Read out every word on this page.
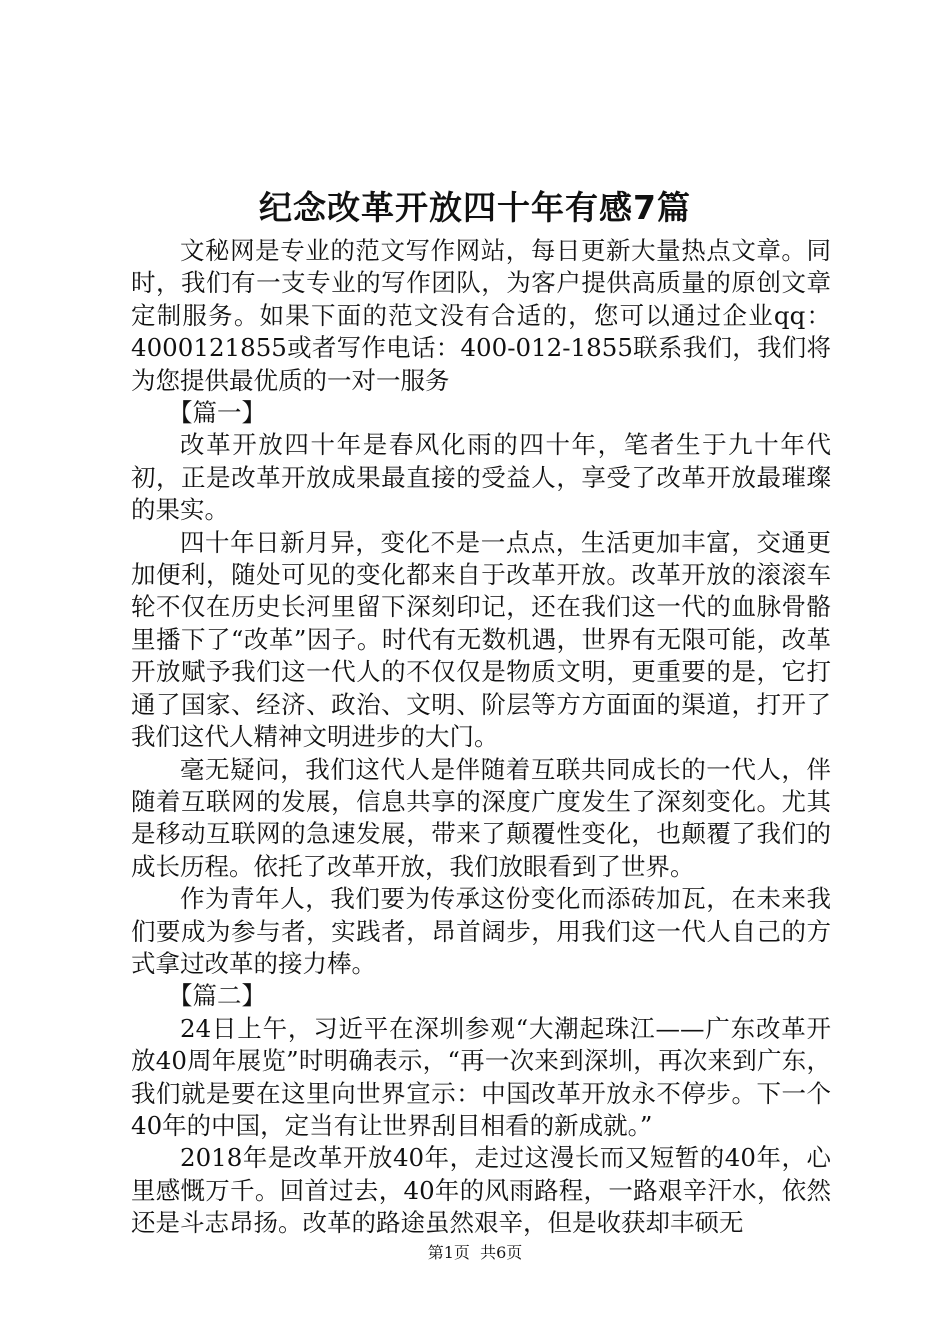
纪念改革开放四十年有感7篇

文秘网是专业的范文写作网站，每日更新大量热点文章。同时，我们有一支专业的写作团队，为客户提供高质量的原创文章定制服务。如果下面的范文没有合适的，您可以通过企业qq：4000121855或者写作电话：400-012-1855联系我们，我们将为您提供最优质的一对一服务

【篇一】

改革开放四十年是春风化雨的四十年，笔者生于九十年代初，正是改革开放成果最直接的受益人，享受了改革开放最璀璨的果实。

四十年日新月异，变化不是一点点，生活更加丰富，交通更加便利，随处可见的变化都来自于改革开放。改革开放的滚滚车轮不仅在历史长河里留下深刻印记，还在我们这一代的血脉骨骼里播下了“改革”因子。时代有无数机遇，世界有无限可能，改革开放赋予我们这一代人的不仅仅是物质文明，更重要的是，它打通了国家、经济、政治、文明、阶层等方方面面的渠道，打开了我们这代人精神文明进步的大门。

毫无疑问，我们这代人是伴随着互联共同成长的一代人，伴随着互联网的发展，信息共享的深度广度发生了深刻变化。尤其是移动互联网的急速发展，带来了颠覆性变化，也颠覆了我们的成长历程。依托了改革开放，我们放眼看到了世界。

作为青年人，我们要为传承这份变化而添砖加瓦，在未来我们要成为参与者，实践者，昂首阔步，用我们这一代人自己的方式拿过改革的接力棒。

【篇二】

24日上午，习近平在深圳参观“大潮起珠江——广东改革开放40周年展览”时明确表示，“再一次来到深圳，再次来到广东，我们就是要在这里向世界宣示：中国改革开放永不停步。下一个40年的中国，定当有让世界刮目相看的新成就。”

2018年是改革开放40年，走过这漫长而又短暂的40年，心里感慨万千。回首过去，40年的风雨路程，一路艰辛汗水，依然还是斗志昂扬。改革的路途虽然艰辛，但是收获却丰硕无

第1页 共6页
